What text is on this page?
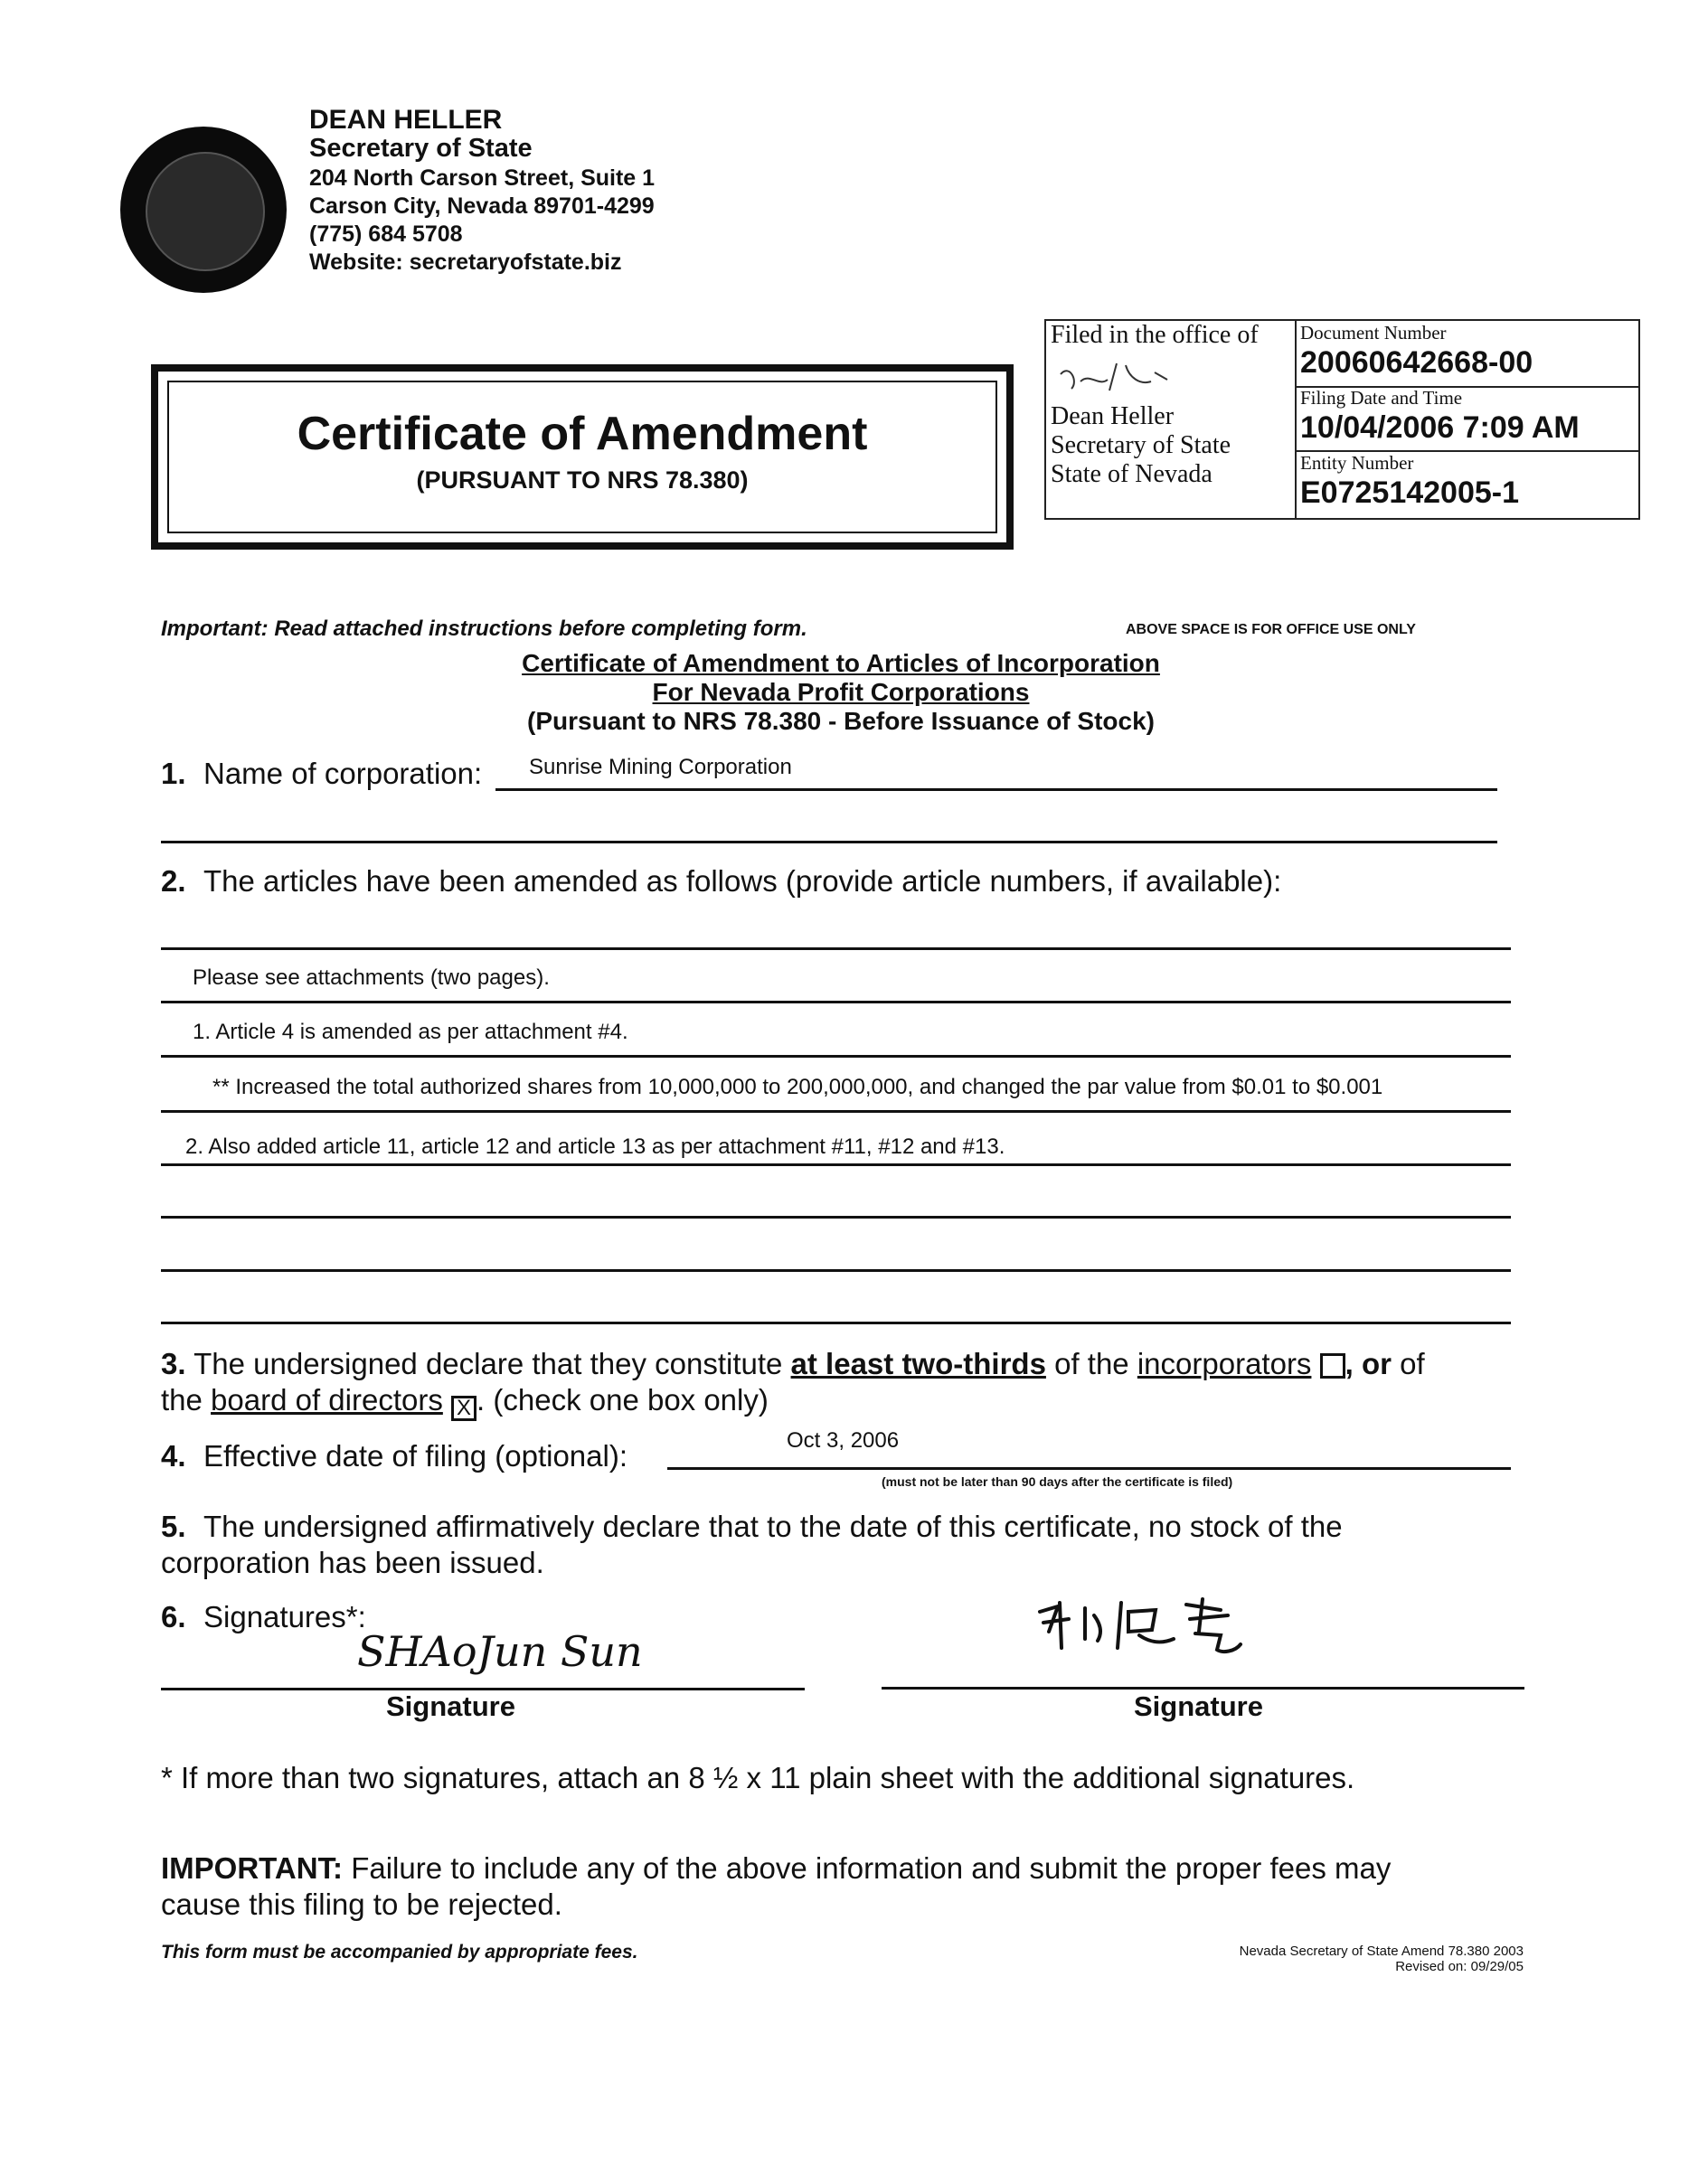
DEAN HELLER
Secretary of State
204 North Carson Street, Suite 1
Carson City, Nevada 89701-4299
(775) 684 5708
Website: secretaryofstate.biz
Certificate of Amendment
(PURSUANT TO NRS 78.380)
Filed in the office of
Dean Heller
Secretary of State
State of Nevada
Document Number
20060642668-00
Filing Date and Time
10/04/2006 7:09 AM
Entity Number
E0725142005-1
Important: Read attached instructions before completing form.	ABOVE SPACE IS FOR OFFICE USE ONLY
Certificate of Amendment to Articles of Incorporation
For Nevada Profit Corporations
(Pursuant to NRS 78.380 - Before Issuance of Stock)
1. Name of corporation: Sunrise Mining Corporation
2. The articles have been amended as follows (provide article numbers, if available):
Please see attachments (two pages).
1. Article 4 is amended as per attachment #4.
** Increased the total authorized shares from 10,000,000 to 200,000,000, and changed the par value from $0.01 to $0.001
2. Also added article 11, article 12 and article 13 as per attachment #11, #12 and #13.
3. The undersigned declare that they constitute at least two-thirds of the incorporators , or of
the board of directors X . (check one box only)
4. Effective date of filing (optional):	Oct 3, 2006
(must not be later than 90 days after the certificate is filed)
5. The undersigned affirmatively declare that to the date of this certificate, no stock of the
corporation has been issued.
6. Signatures*:
SHAoJun Sun
Signature	Signature
* If more than two signatures, attach an 8 ½ x 11 plain sheet with the additional signatures.
IMPORTANT: Failure to include any of the above information and submit the proper fees may
cause this filing to be rejected.
This form must be accompanied by appropriate fees.	Nevada Secretary of State Amend 78.380 2003
Revised on: 09/29/05
